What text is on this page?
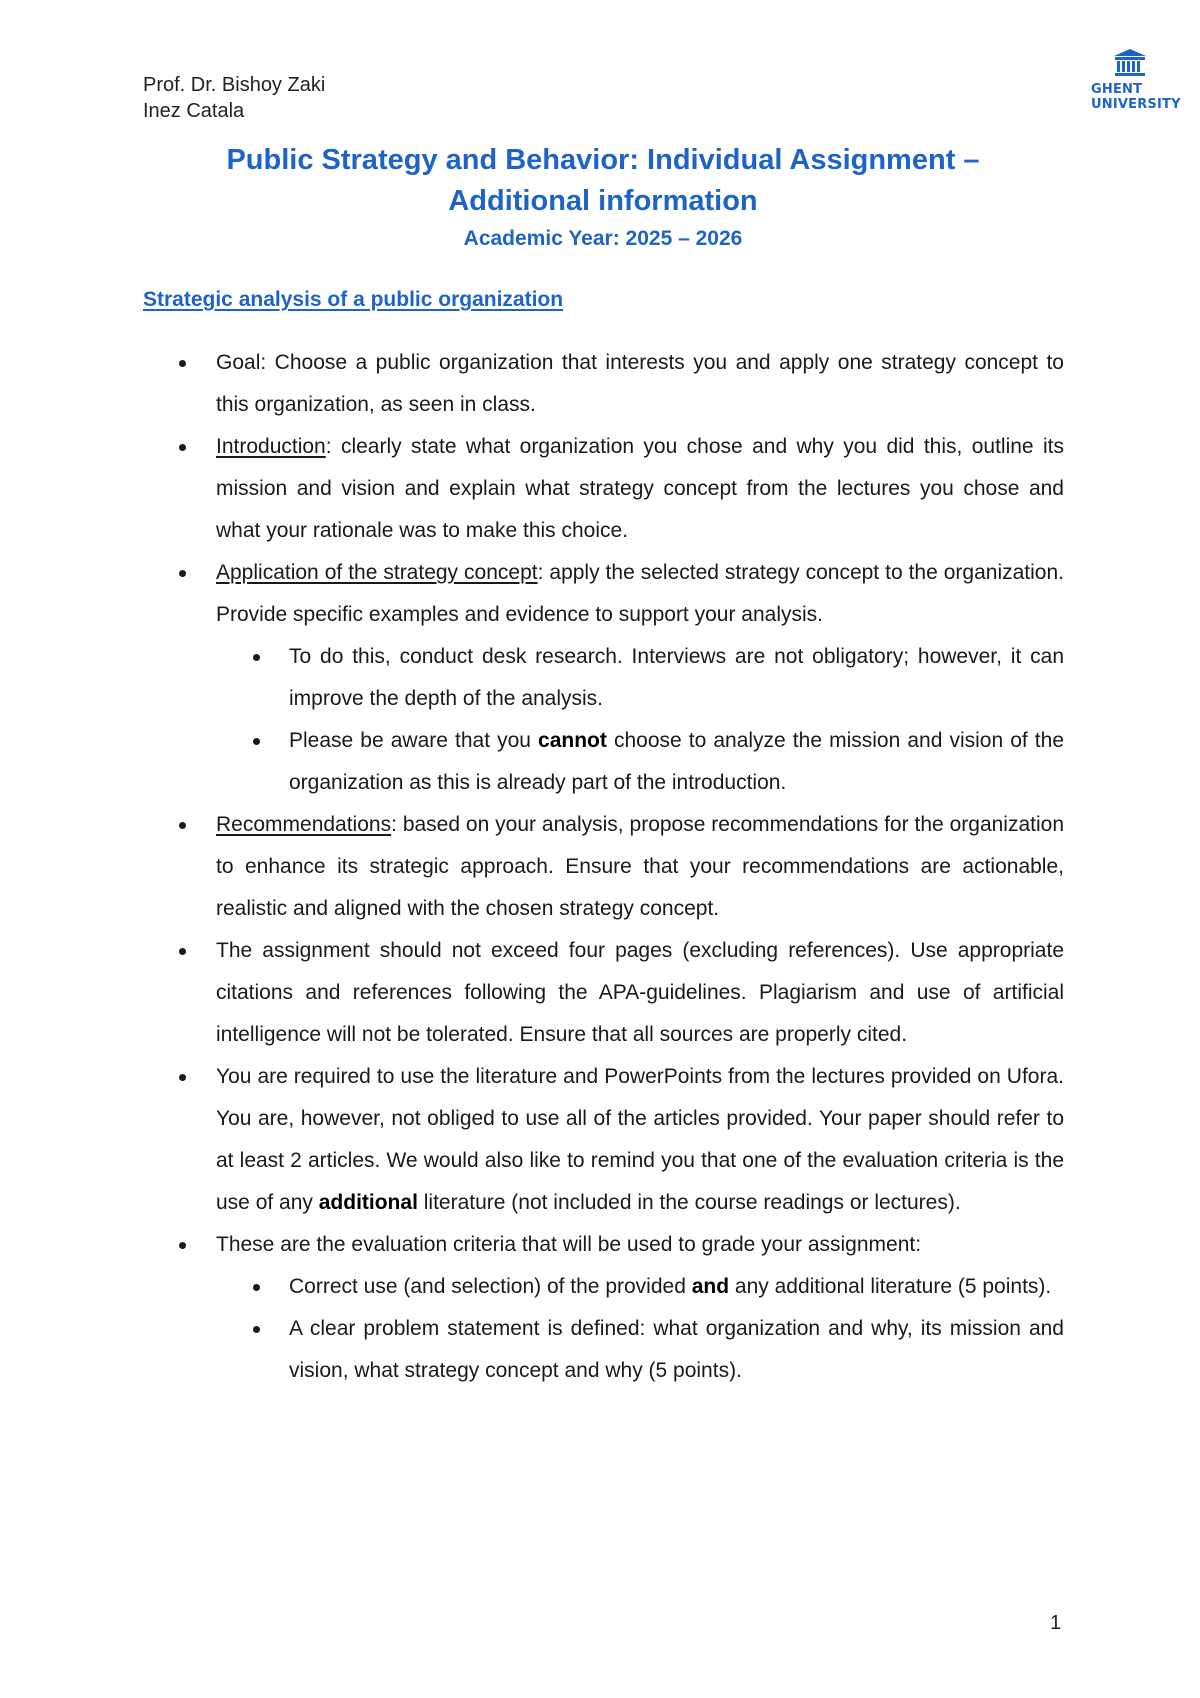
Prof. Dr. Bishoy Zaki
Inez Catala
GHENT
UNIVERSITY
Public Strategy and Behavior: Individual Assignment –
Additional information
Academic Year: 2025 – 2026
Strategic analysis of a public organization
Goal: Choose a public organization that interests you and apply one strategy concept to this organization, as seen in class.
Introduction: clearly state what organization you chose and why you did this, outline its mission and vision and explain what strategy concept from the lectures you chose and what your rationale was to make this choice.
Application of the strategy concept: apply the selected strategy concept to the organization. Provide specific examples and evidence to support your analysis.
To do this, conduct desk research. Interviews are not obligatory; however, it can improve the depth of the analysis.
Please be aware that you cannot choose to analyze the mission and vision of the organization as this is already part of the introduction.
Recommendations: based on your analysis, propose recommendations for the organization to enhance its strategic approach. Ensure that your recommendations are actionable, realistic and aligned with the chosen strategy concept.
The assignment should not exceed four pages (excluding references). Use appropriate citations and references following the APA-guidelines. Plagiarism and use of artificial intelligence will not be tolerated. Ensure that all sources are properly cited.
You are required to use the literature and PowerPoints from the lectures provided on Ufora. You are, however, not obliged to use all of the articles provided. Your paper should refer to at least 2 articles. We would also like to remind you that one of the evaluation criteria is the use of any additional literature (not included in the course readings or lectures).
These are the evaluation criteria that will be used to grade your assignment:
Correct use (and selection) of the provided and any additional literature (5 points).
A clear problem statement is defined: what organization and why, its mission and vision, what strategy concept and why (5 points).
1
